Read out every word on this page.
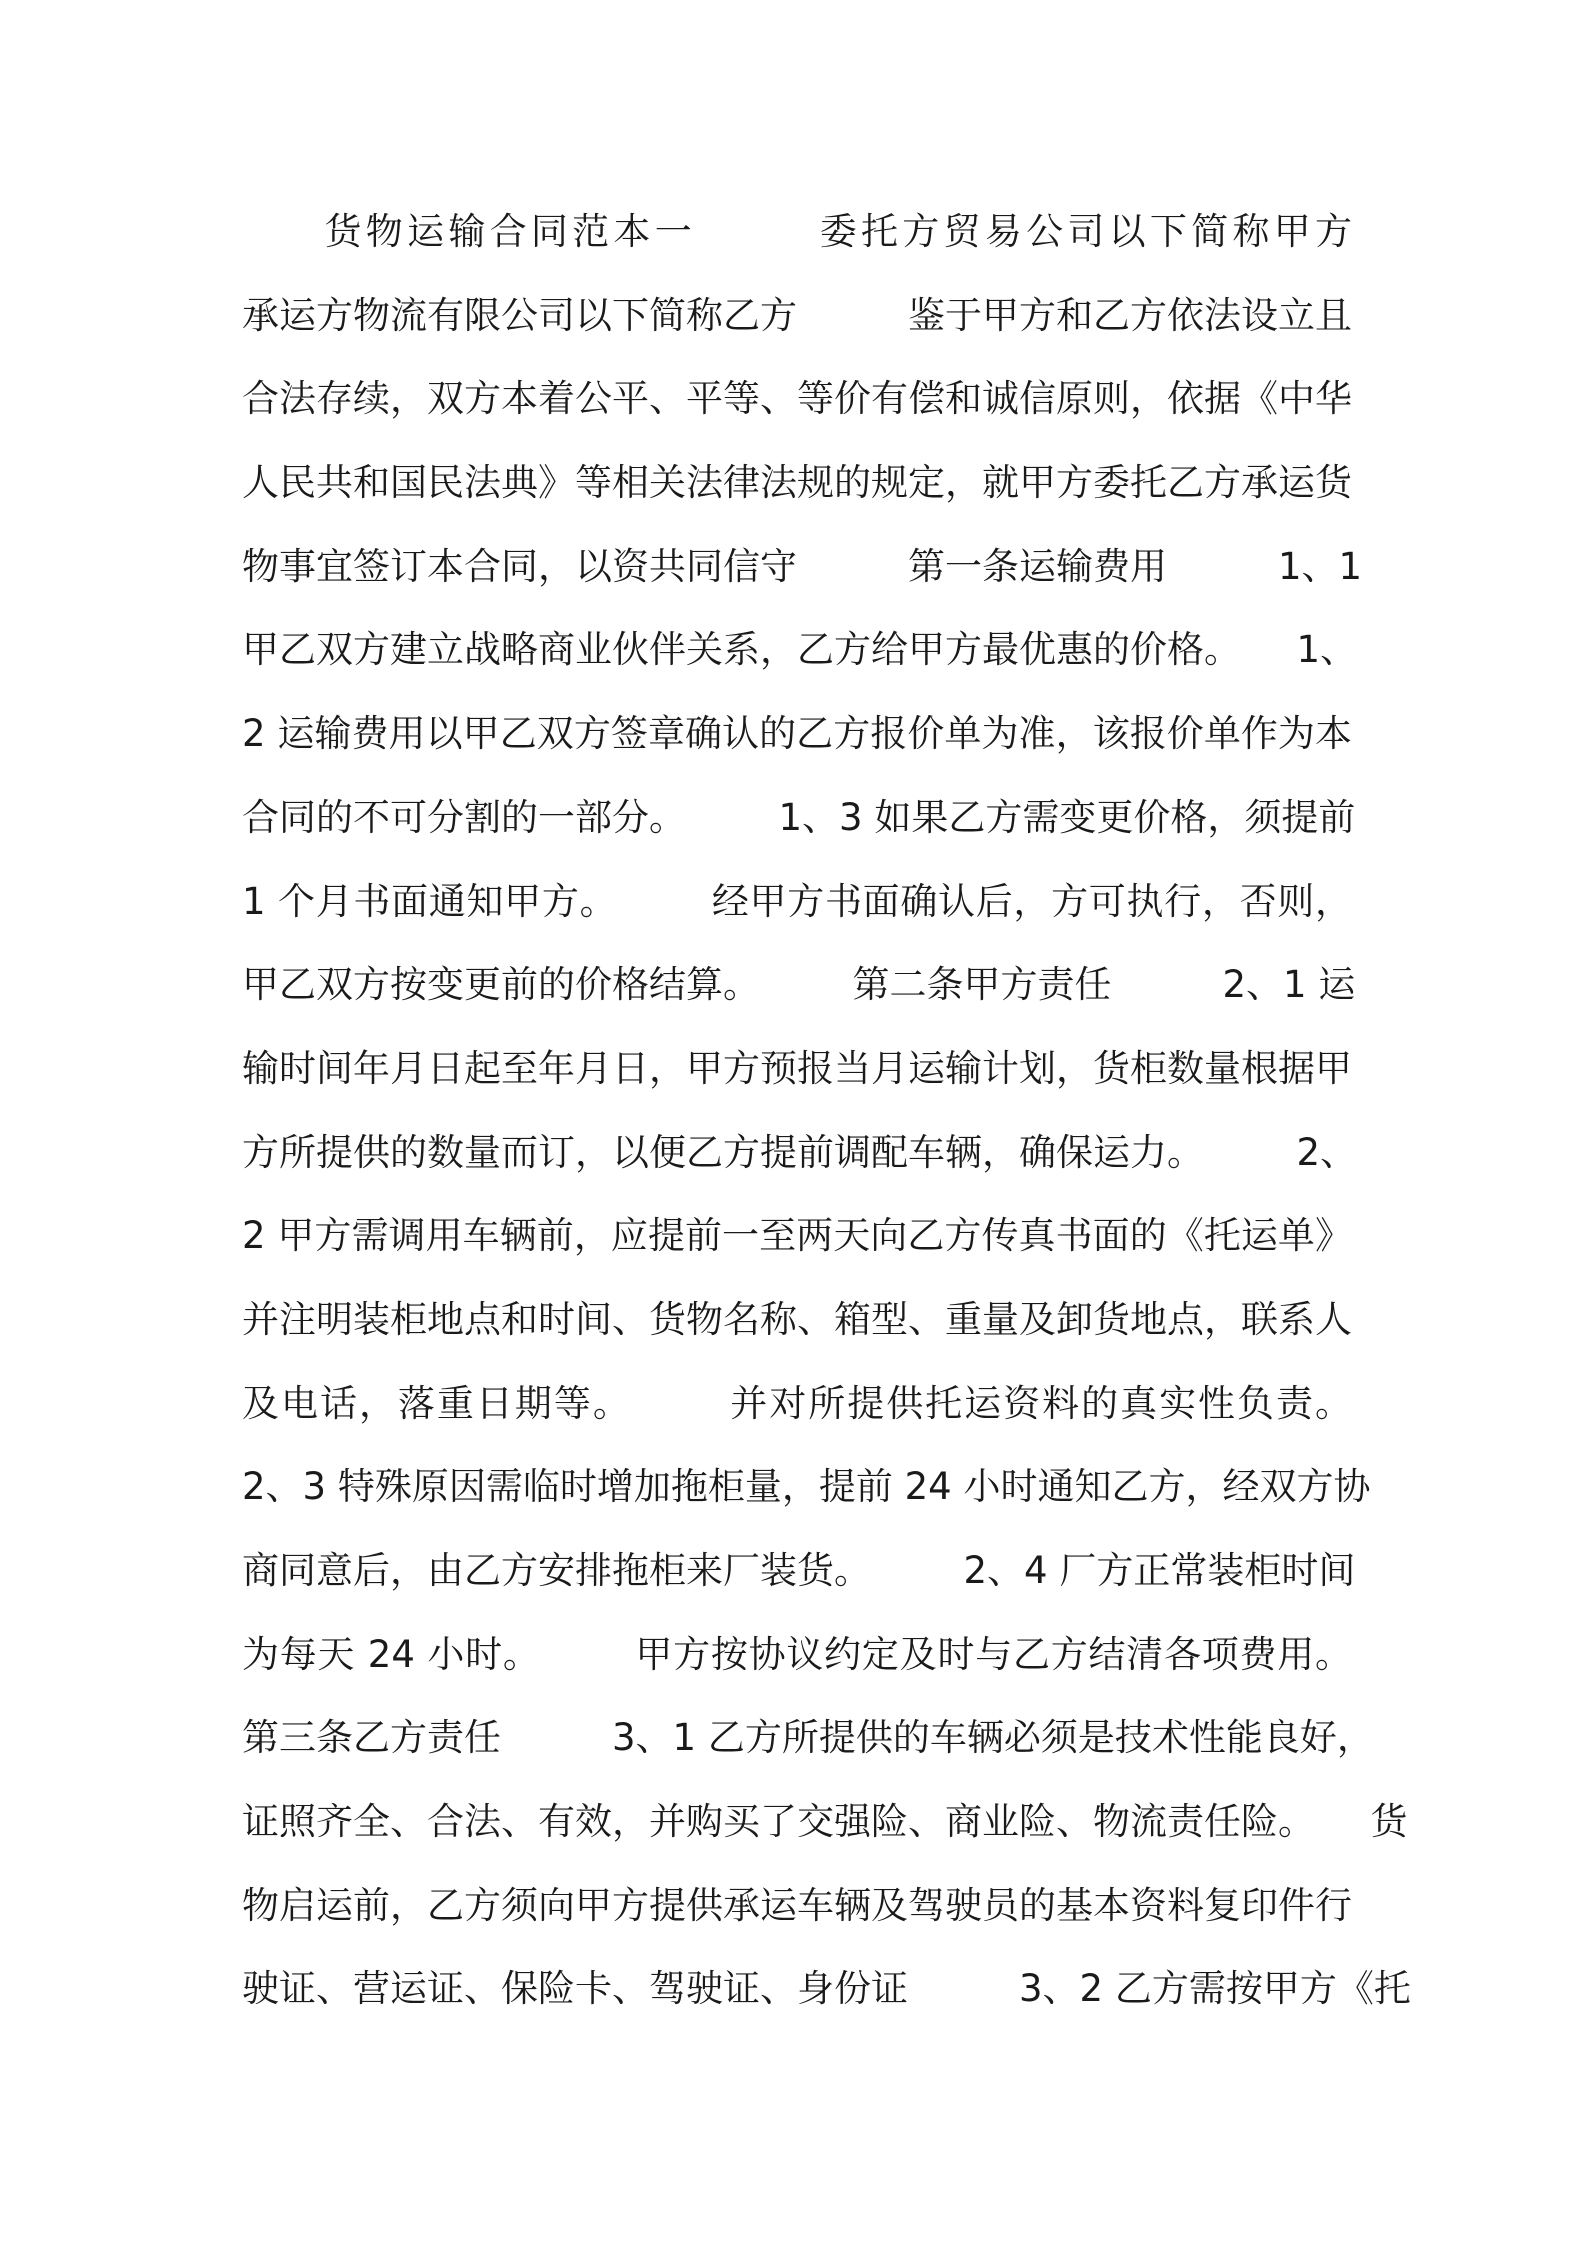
　　货物运输合同范本一　　　委托方贸易公司以下简称甲方
承运方物流有限公司以下简称乙方　　　鉴于甲方和乙方依法设立且
合法存续，双方本着公平、平等、等价有偿和诚信原则，依据《中华
人民共和国民法典》等相关法律法规的规定，就甲方委托乙方承运货
物事宜签订本合同，以资共同信守　　　第一条运输费用　　　1、1
甲乙双方建立战略商业伙伴关系，乙方给甲方最优惠的价格。　　1、
2 运输费用以甲乙双方签章确认的乙方报价单为准，该报价单作为本
合同的不可分割的一部分。　　　1、3 如果乙方需变更价格，须提前
1 个月书面通知甲方。　　　经甲方书面确认后，方可执行，否则，
甲乙双方按变更前的价格结算。　　　第二条甲方责任　　　2、1 运
输时间年月日起至年月日，甲方预报当月运输计划，货柜数量根据甲
方所提供的数量而订，以便乙方提前调配车辆，确保运力。　　　2、
2 甲方需调用车辆前，应提前一至两天向乙方传真书面的《托运单》
并注明装柜地点和时间、货物名称、箱型、重量及卸货地点，联系人
及电话，落重日期等。　　　并对所提供托运资料的真实性负责。
2、3 特殊原因需临时增加拖柜量，提前 24 小时通知乙方，经双方协
商同意后，由乙方安排拖柜来厂装货。　　　2、4 厂方正常装柜时间
为每天 24 小时。　　　甲方按协议约定及时与乙方结清各项费用。
第三条乙方责任　　　3、1 乙方所提供的车辆必须是技术性能良好，
证照齐全、合法、有效，并购买了交强险、商业险、物流责任险。　　货
物启运前，乙方须向甲方提供承运车辆及驾驶员的基本资料复印件行
驶证、营运证、保险卡、驾驶证、身份证　　　3、2 乙方需按甲方《托
